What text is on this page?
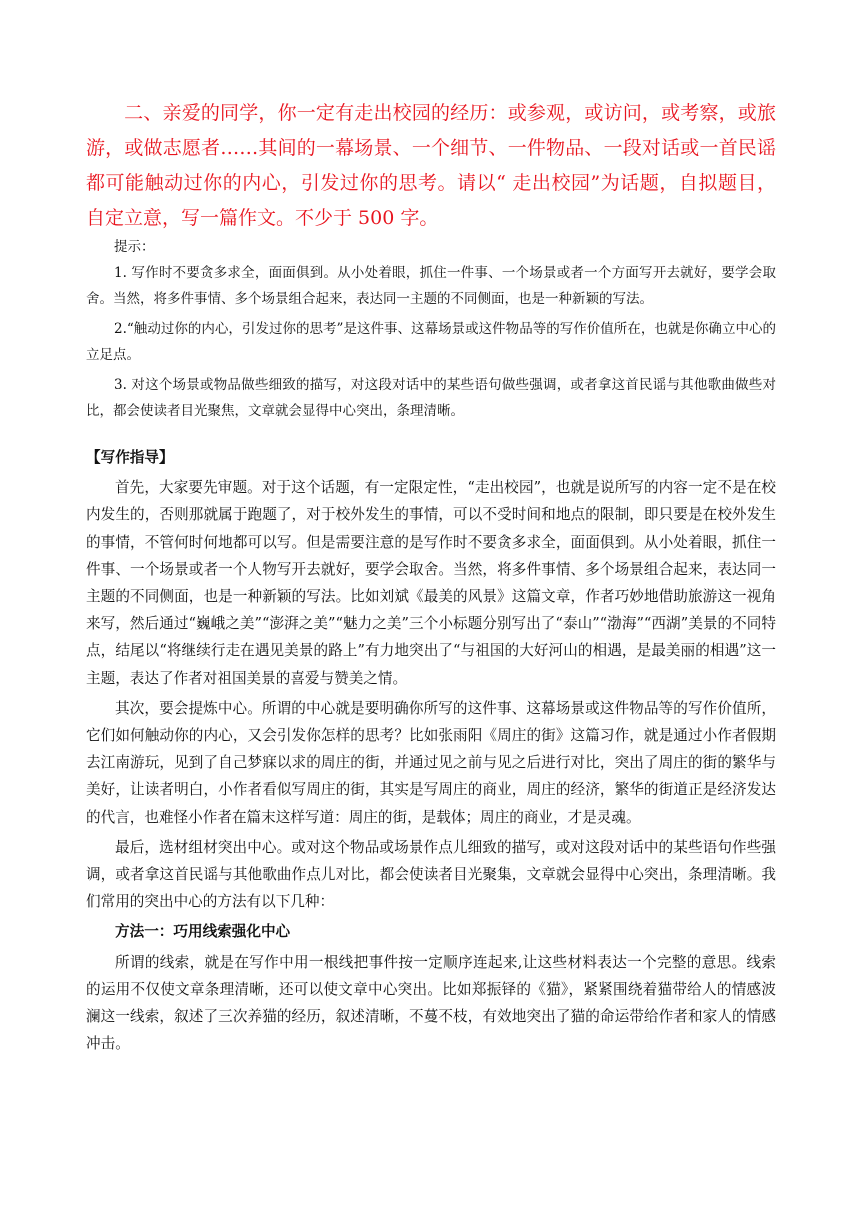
二、亲爱的同学，你一定有走出校园的经历：或参观，或访问，或考察，或旅游，或做志愿者……其间的一幕场景、一个细节、一件物品、一段对话或一首民谣都可能触动过你的内心，引发过你的思考。请以“ 走出校园”为话题，自拟题目，自定立意，写一篇作文。不少于 500 字。

提示：

1. 写作时不要贪多求全，面面俱到。从小处着眼，抓住一件事、一个场景或者一个方面写开去就好，要学会取舍。当然，将多件事情、多个场景组合起来，表达同一主题的不同侧面，也是一种新颖的写法。

2.“触动过你的内心，引发过你的思考”是这件事、这幕场景或这件物品等的写作价值所在，也就是你确立中心的立足点。

3. 对这个场景或物品做些细致的描写，对这段对话中的某些语句做些强调，或者拿这首民谣与其他歌曲做些对比，都会使读者目光聚焦，文章就会显得中心突出，条理清晰。

【写作指导】

首先，大家要先审题。对于这个话题，有一定限定性，“走出校园”，也就是说所写的内容一定不是在校内发生的，否则那就属于跑题了，对于校外发生的事情，可以不受时间和地点的限制，即只要是在校外发生的事情，不管何时何地都可以写。但是需要注意的是写作时不要贪多求全，面面俱到。从小处着眼，抓住一件事、一个场景或者一个人物写开去就好，要学会取舍。当然，将多件事情、多个场景组合起来，表达同一主题的不同侧面，也是一种新颖的写法。比如刘斌《最美的风景》这篇文章，作者巧妙地借助旅游这一视角来写，然后通过“巍峨之美”“澎湃之美”“魅力之美”三个小标题分别写出了“泰山”“渤海”“西湖”美景的不同特点，结尾以“将继续行走在遇见美景的路上”有力地突出了“与祖国的大好河山的相遇，是最美丽的相遇”这一主题，表达了作者对祖国美景的喜爱与赞美之情。

其次，要会提炼中心。所谓的中心就是要明确你所写的这件事、这幕场景或这件物品等的写作价值所，它们如何触动你的内心，又会引发你怎样的思考？比如张雨阳《周庄的街》这篇习作，就是通过小作者假期去江南游玩，见到了自己梦寐以求的周庄的街，并通过见之前与见之后进行对比，突出了周庄的街的繁华与美好，让读者明白，小作者看似写周庄的街，其实是写周庄的商业，周庄的经济，繁华的街道正是经济发达的代言，也难怪小作者在篇末这样写道：周庄的街，是载体；周庄的商业，才是灵魂。

最后，选材组材突出中心。或对这个物品或场景作点儿细致的描写，或对这段对话中的某些语句作些强调，或者拿这首民谣与其他歌曲作点儿对比，都会使读者目光聚集，文章就会显得中心突出，条理清晰。我们常用的突出中心的方法有以下几种：

方法一：巧用线索强化中心

所谓的线索，就是在写作中用一根线把事件按一定顺序连起来,让这些材料表达一个完整的意思。线索的运用不仅使文章条理清晰，还可以使文章中心突出。比如郑振铎的《猫》，紧紧围绕着猫带给人的情感波澜这一线索，叙述了三次养猫的经历，叙述清晰，不蔓不枝，有效地突出了猫的命运带给作者和家人的情感冲击。
